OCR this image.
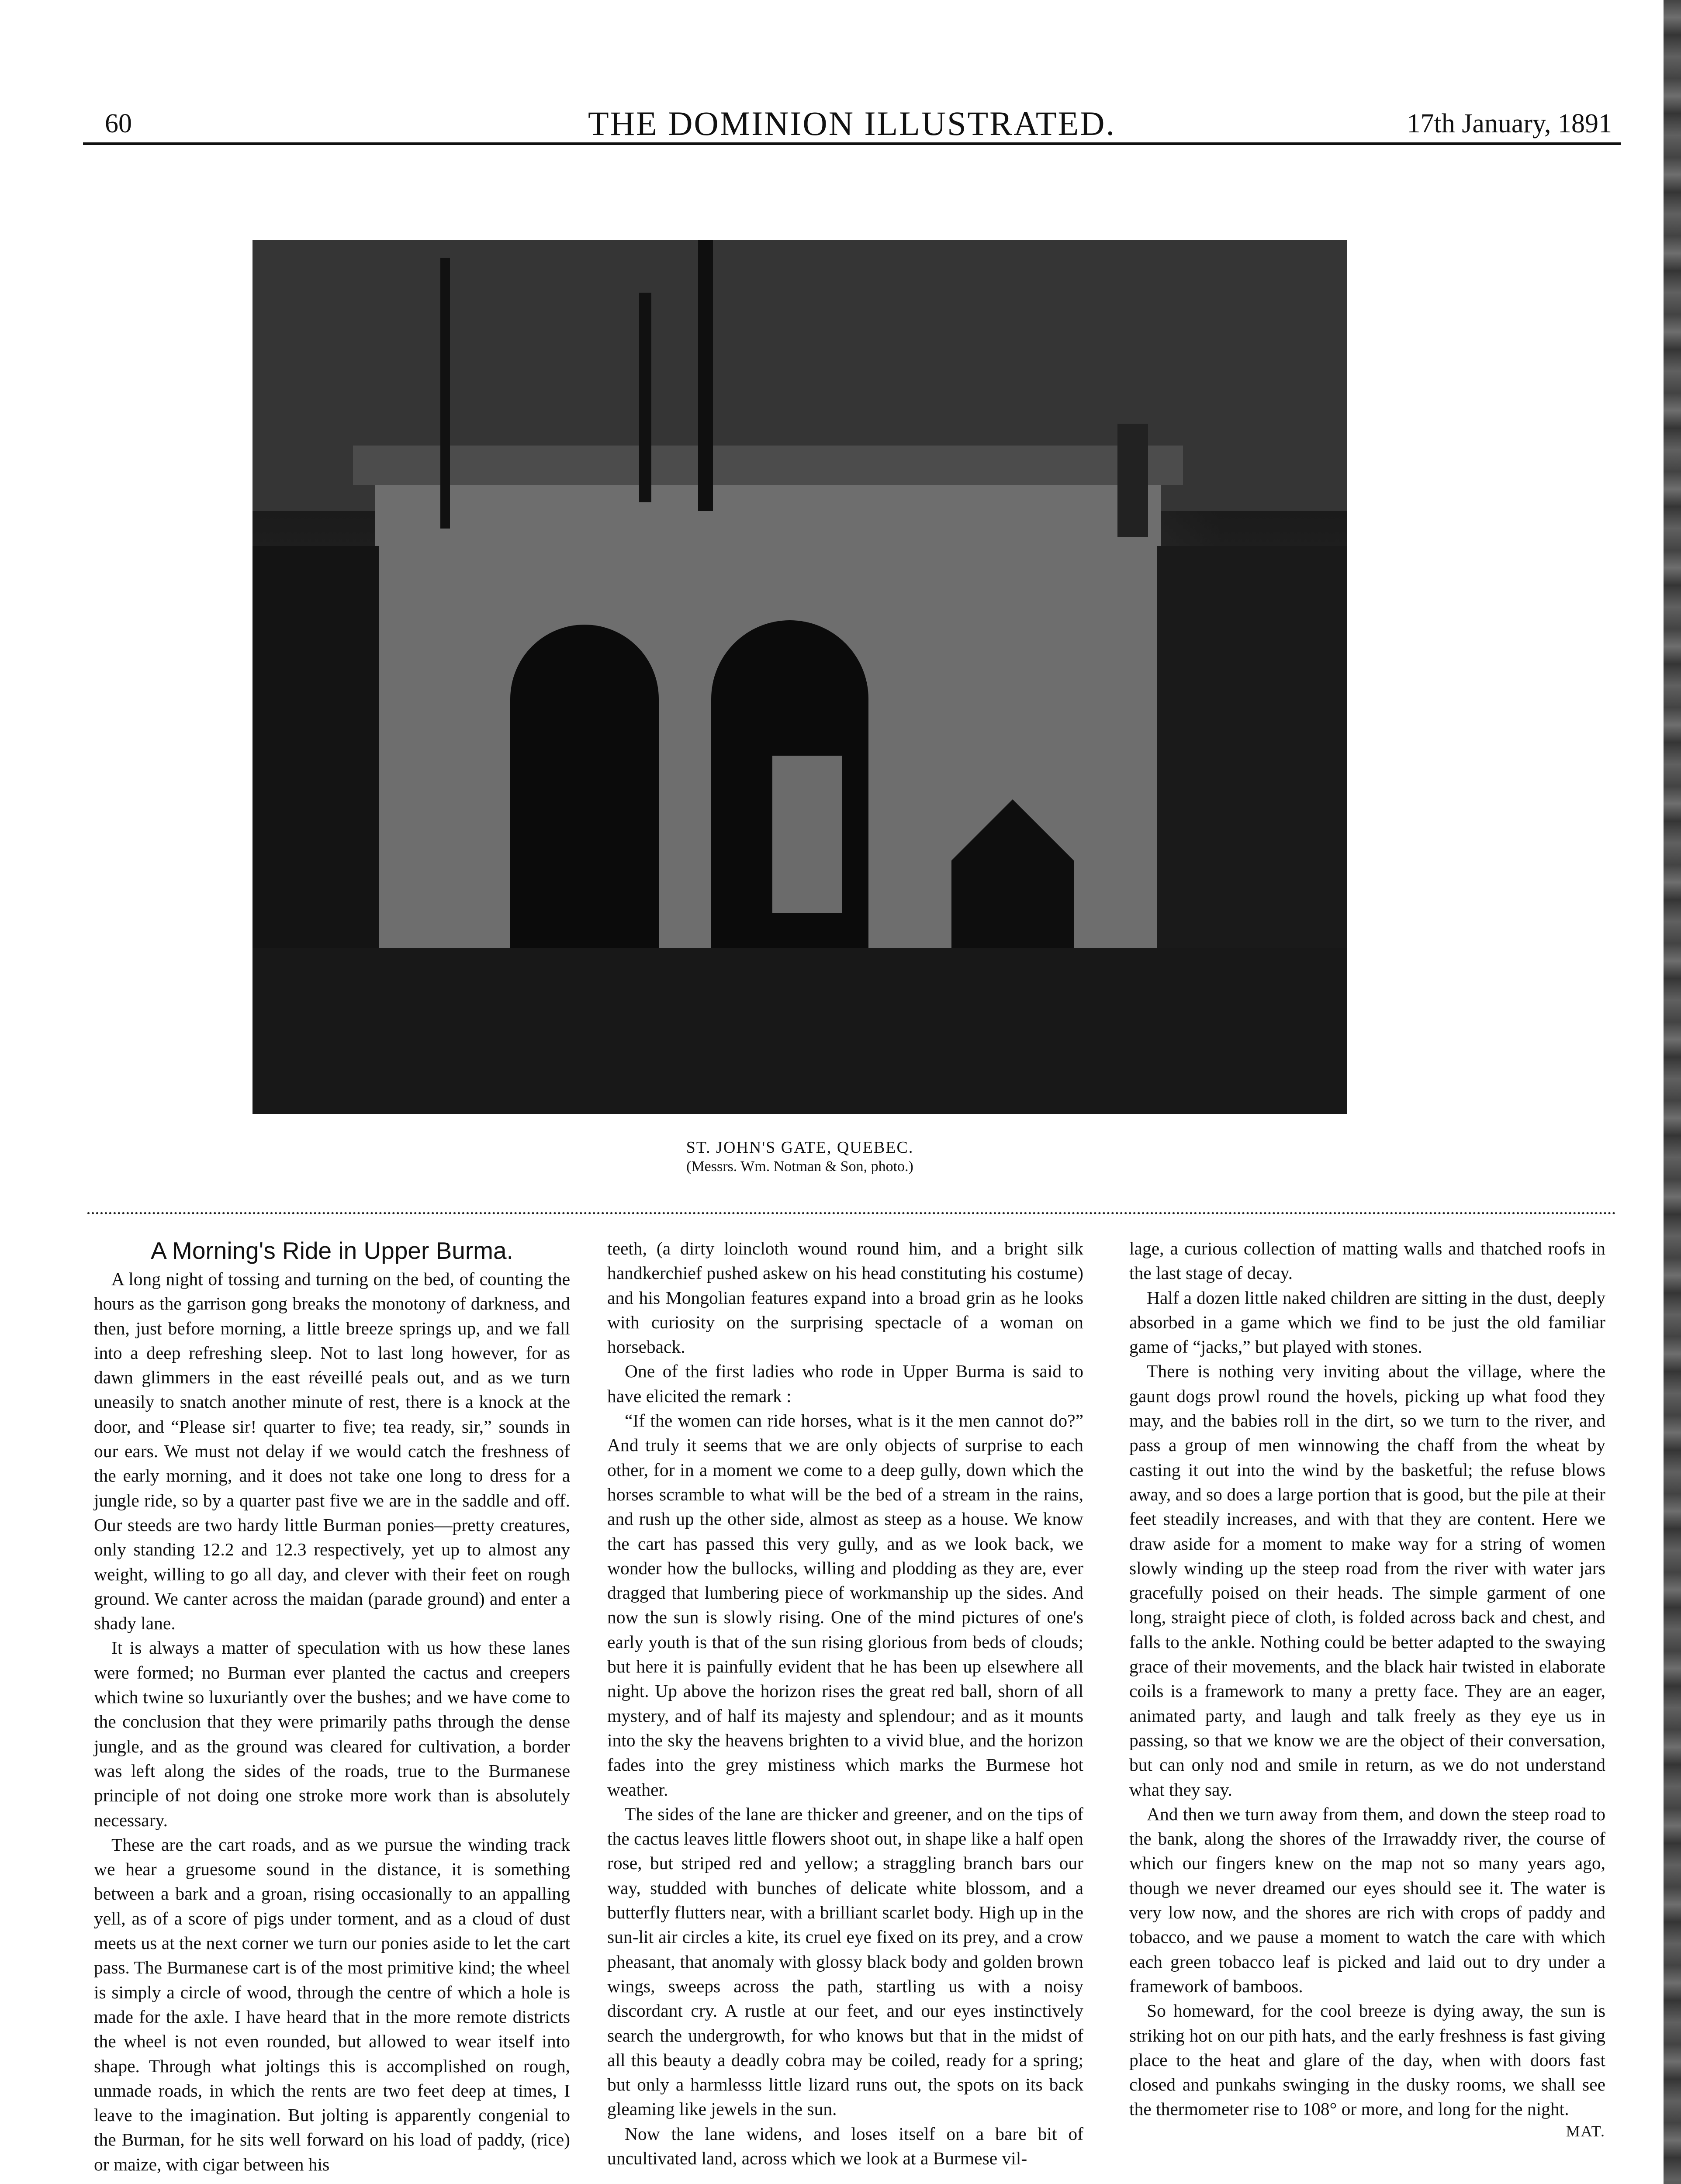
60	THE DOMINION ILLUSTRATED.	17th January, 1891
ST. JOHN'S GATE, QUEBEC.
(Messrs. Wm. Notman & Son, photo.)
A Morning's Ride in Upper Burma.

A long night of tossing and turning on the bed, of counting the hours as the garrison gong breaks the monotony of darkness, and then, just before morning, a little breeze springs up, and we fall into a deep refreshing sleep. Not to last long however, for as dawn glimmers in the east réveillé peals out, and as we turn uneasily to snatch another minute of rest, there is a knock at the door, and “Please sir! quarter to five; tea ready, sir,” sounds in our ears. We must not delay if we would catch the freshness of the early morning, and it does not take one long to dress for a jungle ride, so by a quarter past five we are in the saddle and off. Our steeds are two hardy little Burman ponies—pretty creatures, only standing 12.2 and 12.3 respectively, yet up to almost any weight, willing to go all day, and clever with their feet on rough ground. We canter across the maidan (parade ground) and enter a shady lane.

It is always a matter of speculation with us how these lanes were formed; no Burman ever planted the cactus and creepers which twine so luxuriantly over the bushes; and we have come to the conclusion that they were primarily paths through the dense jungle, and as the ground was cleared for cultivation, a border was left along the sides of the roads, true to the Burmanese principle of not doing one stroke more work than is absolutely necessary.

These are the cart roads, and as we pursue the winding track we hear a gruesome sound in the distance, it is something between a bark and a groan, rising occasionally to an appalling yell, as of a score of pigs under torment, and as a cloud of dust meets us at the next corner we turn our ponies aside to let the cart pass. The Burmanese cart is of the most primitive kind; the wheel is simply a circle of wood, through the centre of which a hole is made for the axle. I have heard that in the more remote districts the wheel is not even rounded, but allowed to wear itself into shape. Through what joltings this is accomplished on rough, unmade roads, in which the rents are two feet deep at times, I leave to the imagination. But jolting is apparently congenial to the Burman, for he sits well forward on his load of paddy, (rice) or maize, with cigar between his

teeth, (a dirty loincloth wound round him, and a bright silk handkerchief pushed askew on his head constituting his costume) and his Mongolian features expand into a broad grin as he looks with curiosity on the surprising spectacle of a woman on horseback.

One of the first ladies who rode in Upper Burma is said to have elicited the remark :

“If the women can ride horses, what is it the men cannot do?” And truly it seems that we are only objects of surprise to each other, for in a moment we come to a deep gully, down which the horses scramble to what will be the bed of a stream in the rains, and rush up the other side, almost as steep as a house. We know the cart has passed this very gully, and as we look back, we wonder how the bullocks, willing and plodding as they are, ever dragged that lumbering piece of workmanship up the sides. And now the sun is slowly rising. One of the mind pictures of one's early youth is that of the sun rising glorious from beds of clouds; but here it is painfully evident that he has been up elsewhere all night. Up above the horizon rises the great red ball, shorn of all mystery, and of half its majesty and splendour; and as it mounts into the sky the heavens brighten to a vivid blue, and the horizon fades into the grey mistiness which marks the Burmese hot weather.

The sides of the lane are thicker and greener, and on the tips of the cactus leaves little flowers shoot out, in shape like a half open rose, but striped red and yellow; a straggling branch bars our way, studded with bunches of delicate white blossom, and a butterfly flutters near, with a brilliant scarlet body. High up in the sun-lit air circles a kite, its cruel eye fixed on its prey, and a crow pheasant, that anomaly with glossy black body and golden brown wings, sweeps across the path, startling us with a noisy discordant cry. A rustle at our feet, and our eyes instinctively search the undergrowth, for who knows but that in the midst of all this beauty a deadly cobra may be coiled, ready for a spring; but only a harmlesss little lizard runs out, the spots on its back gleaming like jewels in the sun.

Now the lane widens, and loses itself on a bare bit of uncultivated land, across which we look at a Burmese vil-

lage, a curious collection of matting walls and thatched roofs in the last stage of decay.

Half a dozen little naked children are sitting in the dust, deeply absorbed in a game which we find to be just the old familiar game of “jacks,” but played with stones.

There is nothing very inviting about the village, where the gaunt dogs prowl round the hovels, picking up what food they may, and the babies roll in the dirt, so we turn to the river, and pass a group of men winnowing the chaff from the wheat by casting it out into the wind by the basketful; the refuse blows away, and so does a large portion that is good, but the pile at their feet steadily increases, and with that they are content. Here we draw aside for a moment to make way for a string of women slowly winding up the steep road from the river with water jars gracefully poised on their heads. The simple garment of one long, straight piece of cloth, is folded across back and chest, and falls to the ankle. Nothing could be better adapted to the swaying grace of their movements, and the black hair twisted in elaborate coils is a framework to many a pretty face. They are an eager, animated party, and laugh and talk freely as they eye us in passing, so that we know we are the object of their conversation, but can only nod and smile in return, as we do not understand what they say.

And then we turn away from them, and down the steep road to the bank, along the shores of the Irrawaddy river, the course of which our fingers knew on the map not so many years ago, though we never dreamed our eyes should see it. The water is very low now, and the shores are rich with crops of paddy and tobacco, and we pause a moment to watch the care with which each green tobacco leaf is picked and laid out to dry under a framework of bamboos.

So homeward, for the cool breeze is dying away, the sun is striking hot on our pith hats, and the early freshness is fast giving place to the heat and glare of the day, when with doors fast closed and punkahs swinging in the dusky rooms, we shall see the thermometer rise to 108° or more, and long for the night.

MAT.
